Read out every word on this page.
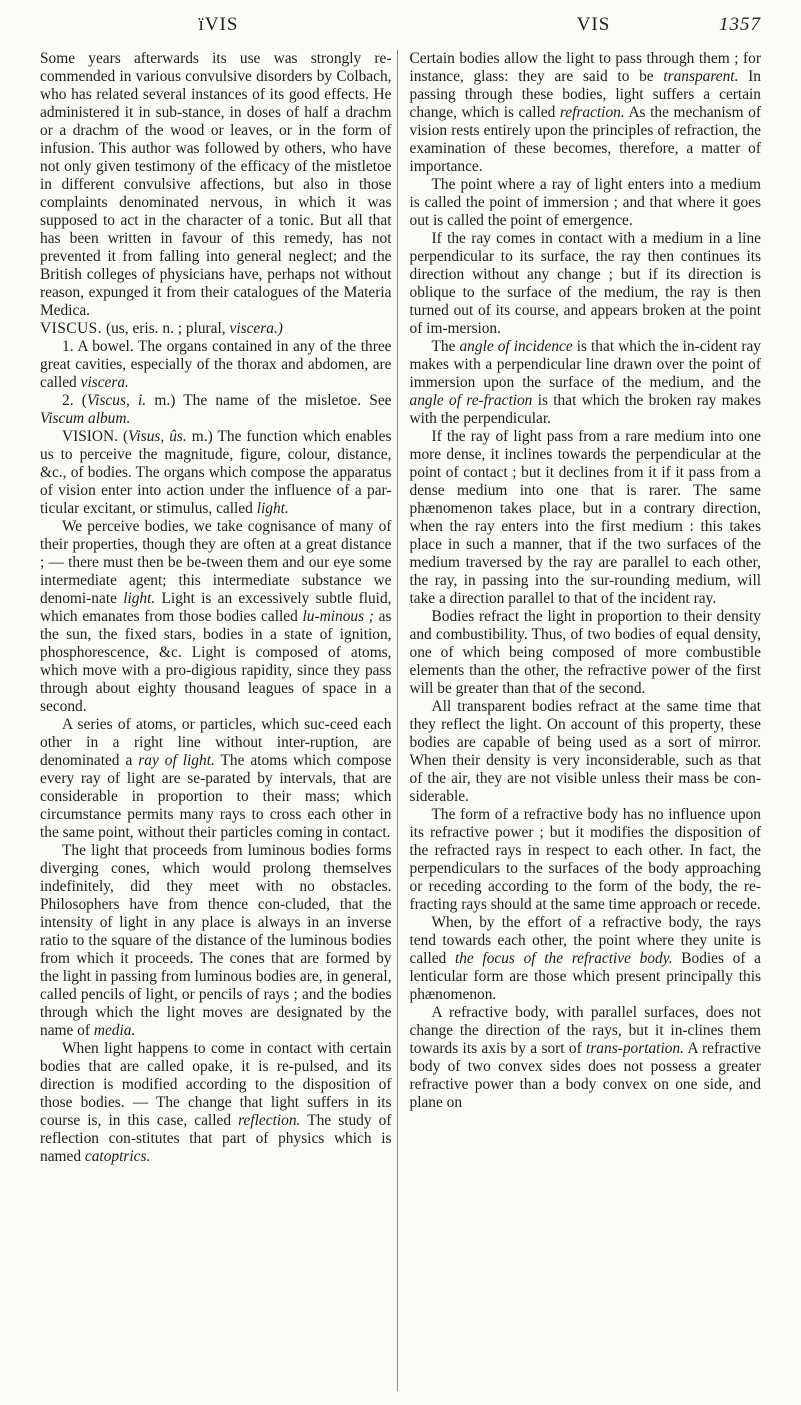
ïVIS	VIS	1357

Some years afterwards its use was strongly re-commended in various convulsive disorders by Colbach, who has related several instances of its good effects. He administered it in sub-stance, in doses of half a drachm or a drachm of the wood or leaves, or in the form of infusion. This author was followed by others, who have not only given testimony of the efficacy of the mistletoe in different convulsive affections, but also in those complaints denominated nervous, in which it was supposed to act in the character of a tonic. But all that has been written in favour of this remedy, has not prevented it from falling into general neglect; and the British colleges of physicians have, perhaps not without reason, expunged it from their catalogues of the Materia Medica.

VISCUS. (us, eris. n. ; plural, viscera.)

1. A bowel. The organs contained in any of the three great cavities, especially of the thorax and abdomen, are called viscera.

2. (Viscus, i. m.) The name of the misletoe. See Viscum album.

VISION. (Visus, ûs. m.) The function which enables us to perceive the magnitude, figure, colour, distance, &c., of bodies. The organs which compose the apparatus of vision enter into action under the influence of a par-ticular excitant, or stimulus, called light.

We perceive bodies, we take cognisance of many of their properties, though they are often at a great distance ; — there must then be be-tween them and our eye some intermediate agent; this intermediate substance we denomi-nate light. Light is an excessively subtle fluid, which emanates from those bodies called lu-minous ; as the sun, the fixed stars, bodies in a state of ignition, phosphorescence, &c. Light is composed of atoms, which move with a pro-digious rapidity, since they pass through about eighty thousand leagues of space in a second.

A series of atoms, or particles, which suc-ceed each other in a right line without inter-ruption, are denominated a ray of light. The atoms which compose every ray of light are se-parated by intervals, that are considerable in proportion to their mass; which circumstance permits many rays to cross each other in the same point, without their particles coming in contact.

The light that proceeds from luminous bodies forms diverging cones, which would prolong themselves indefinitely, did they meet with no obstacles. Philosophers have from thence con-cluded, that the intensity of light in any place is always in an inverse ratio to the square of the distance of the luminous bodies from which it proceeds. The cones that are formed by the light in passing from luminous bodies are, in general, called pencils of light, or pencils of rays ; and the bodies through which the light moves are designated by the name of media.

When light happens to come in contact with certain bodies that are called opake, it is re-pulsed, and its direction is modified according to the disposition of those bodies. — The change that light suffers in its course is, in this case, called reflection. The study of reflection con-stitutes that part of physics which is named catoptrics.

Certain bodies allow the light to pass through them ; for instance, glass: they are said to be transparent. In passing through these bodies, light suffers a certain change, which is called refraction. As the mechanism of vision rests entirely upon the principles of refraction, the examination of these becomes, therefore, a matter of importance.

The point where a ray of light enters into a medium is called the point of immersion ; and that where it goes out is called the point of emergence.

If the ray comes in contact with a medium in a line perpendicular to its surface, the ray then continues its direction without any change ; but if its direction is oblique to the surface of the medium, the ray is then turned out of its course, and appears broken at the point of im-mersion.

The angle of incidence is that which the in-cident ray makes with a perpendicular line drawn over the point of immersion upon the surface of the medium, and the angle of re-fraction is that which the broken ray makes with the perpendicular.

If the ray of light pass from a rare medium into one more dense, it inclines towards the perpendicular at the point of contact ; but it declines from it if it pass from a dense medium into one that is rarer. The same phænomenon takes place, but in a contrary direction, when the ray enters into the first medium : this takes place in such a manner, that if the two surfaces of the medium traversed by the ray are parallel to each other, the ray, in passing into the sur-rounding medium, will take a direction parallel to that of the incident ray.

Bodies refract the light in proportion to their density and combustibility. Thus, of two bodies of equal density, one of which being composed of more combustible elements than the other, the refractive power of the first will be greater than that of the second.

All transparent bodies refract at the same time that they reflect the light. On account of this property, these bodies are capable of being used as a sort of mirror. When their density is very inconsiderable, such as that of the air, they are not visible unless their mass be con-siderable.

The form of a refractive body has no influence upon its refractive power ; but it modifies the disposition of the refracted rays in respect to each other. In fact, the perpendiculars to the surfaces of the body approaching or receding according to the form of the body, the re-fracting rays should at the same time approach or recede.

When, by the effort of a refractive body, the rays tend towards each other, the point where they unite is called the focus of the refractive body. Bodies of a lenticular form are those which present principally this phænomenon.

A refractive body, with parallel surfaces, does not change the direction of the rays, but it in-clines them towards its axis by a sort of trans-portation. A refractive body of two convex sides does not possess a greater refractive power than a body convex on one side, and plane on
